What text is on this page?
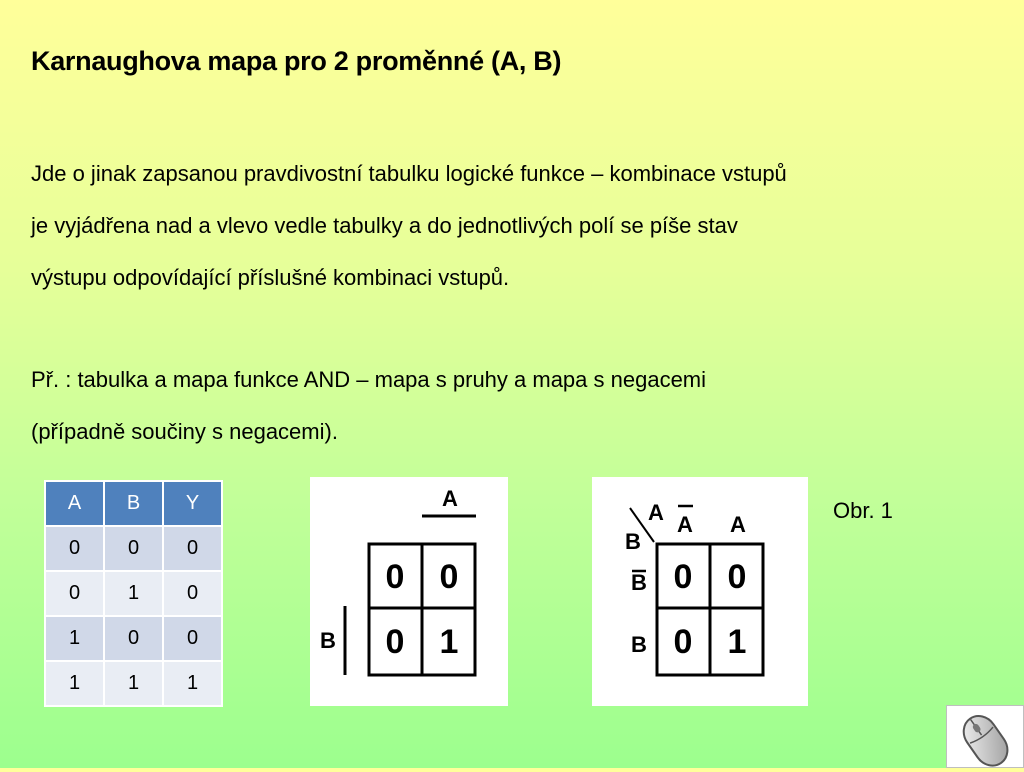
Karnaughova mapa pro 2 proměnné (A, B)
Jde o jinak zapsanou pravdivostní tabulku logické funkce – kombinace vstupů
je vyjádřena nad a vlevo vedle tabulky a do jednotlivých polí se píše stav
výstupu odpovídající příslušné kombinaci vstupů.
Př. : tabulka a mapa funkce AND – mapa s pruhy a mapa s negacemi
(případně součiny s negacemi).
A	B	Y
0	0	0
0	1	0
1	0	0
1	1	1
A
B
0 0
0 1
A
B
A A
B
B
0 0
0 1
Obr. 1
